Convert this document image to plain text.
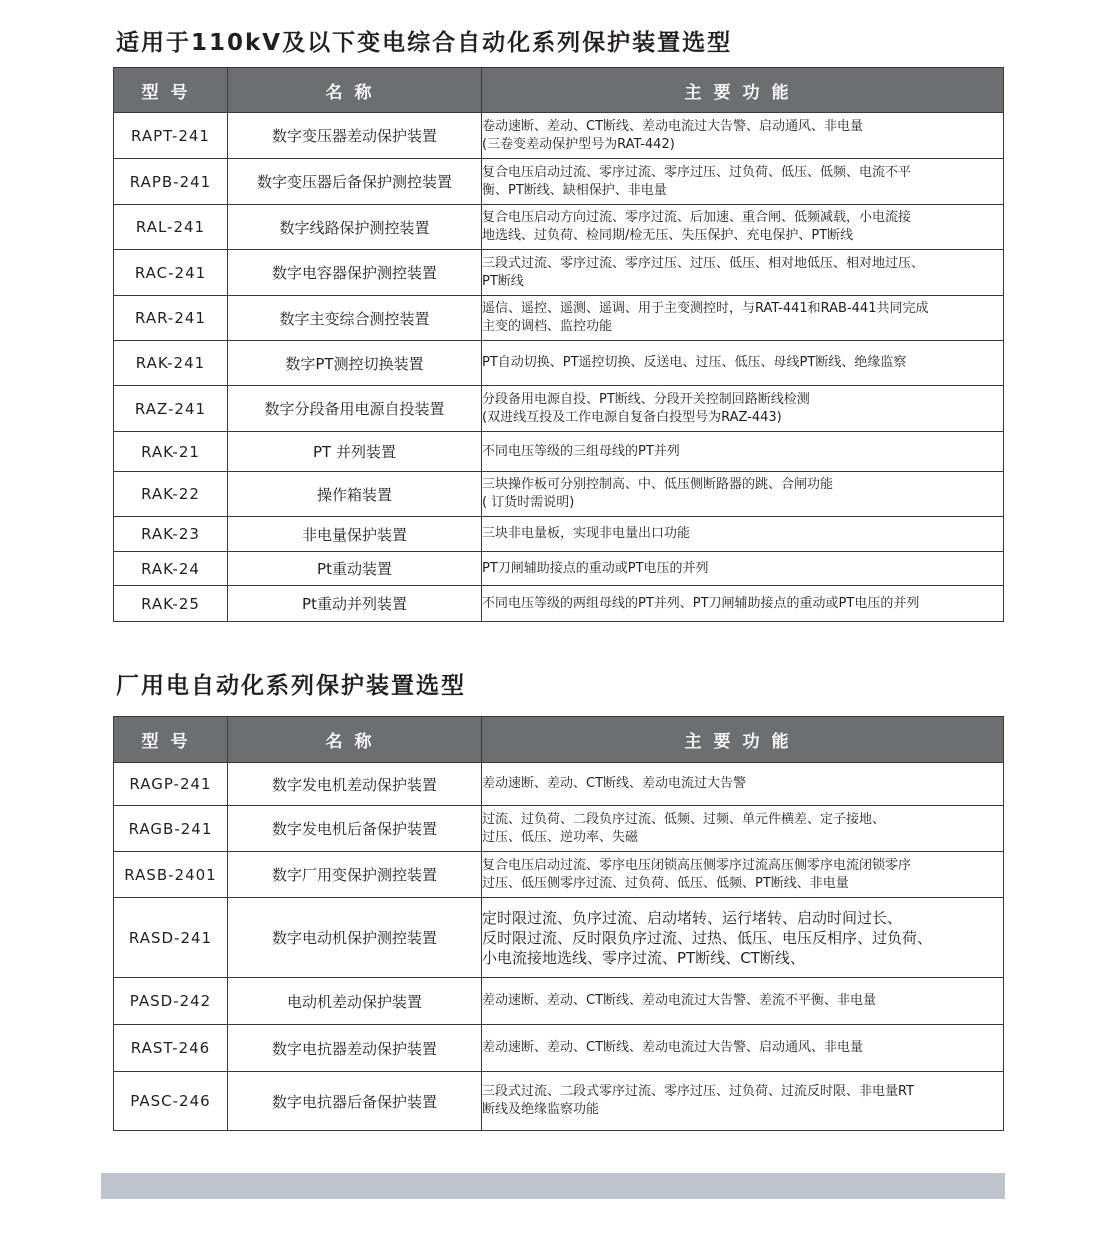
适用于110kV及以下变电综合自动化系列保护装置选型
型号	名称	主要功能
RAPT-241	数字变压器差动保护装置	卷动速断、差动、CT断线、差动电流过大告警、启动通风、非电量
(三卷变差动保护型号为RAT-442)

RAPB-241	数字变压器后备保护测控装置	复合电压启动过流、零序过流、零序过压、过负荷、低压、低频、电流不平
衡、PT断线、缺相保护、非电量

RAL-241	数字线路保护测控装置	复合电压启动方向过流、零序过流、后加速、重合闸、低频减载，小电流接
地选线、过负荷、检同期/检无压、失压保护、充电保护、PT断线

RAC-241	数字电容器保护测控装置	三段式过流、零序过流、零序过压、过压、低压、相对地低压、相对地过压、
PT断线

RAR-241	数字主变综合测控装置	遥信、遥控、遥测、遥调、用于主变测控时，与RAT-441和RAB-441共同完成
主变的调档、监控功能

RAK-241	数字PT测控切换装置	PT自动切换、PT遥控切换、反送电、过压、低压、母线PT断线、绝缘监察

RAZ-241	数字分段备用电源自投装置	分段备用电源自投、PT断线、分段开关控制回路断线检测
(双进线互投及工作电源自复备白投型号为RAZ-443)

RAK-21	PT 并列装置	不同电压等级的三组母线的PT并列

RAK-22	操作箱装置	三块操作板可分别控制高、中、低压侧断路器的跳、合闸功能
( 订货时需说明)

RAK-23	非电量保护装置	三块非电量板，实现非电量出口功能

RAK-24	Pt重动装置	PT刀闸辅助接点的重动或PT电压的并列

RAK-25	Pt重动并列装置	不同电压等级的两组母线的PT并列、PT刀闸辅助接点的重动或PT电压的并列
厂用电自动化系列保护装置选型
型号	名称	主要功能
RAGP-241	数字发电机差动保护装置	差动速断、差动、CT断线、差动电流过大告警

RAGB-241	数字发电机后备保护装置	过流、过负荷、二段负序过流、低频、过频、单元件横差、定子接地、
过压、低压、逆功率、失磁

RASB-2401	数字厂用变保护测控装置	复合电压启动过流、零序电压闭锁高压侧零序过流高压侧零序电流闭锁零序
过压、低压侧零序过流、过负荷、低压、低频、PT断线、非电量

RASD-241	数字电动机保护测控装置	定时限过流、负序过流、启动堵转、运行堵转、启动时间过长、
反时限过流、反时限负序过流、过热、低压、电压反相序、过负荷、
小电流接地选线、零序过流、PT断线、CT断线、

PASD-242	电动机差动保护装置	差动速断、差动、CT断线、差动电流过大告警、差流不平衡、非电量

RAST-246	数字电抗器差动保护装置	差动速断、差动、CT断线、差动电流过大告警、启动通风、非电量

PASC-246	数字电抗器后备保护装置	三段式过流、二段式零序过流、零序过压、过负荷、过流反时限、非电量RT
断线及绝缘监察功能
